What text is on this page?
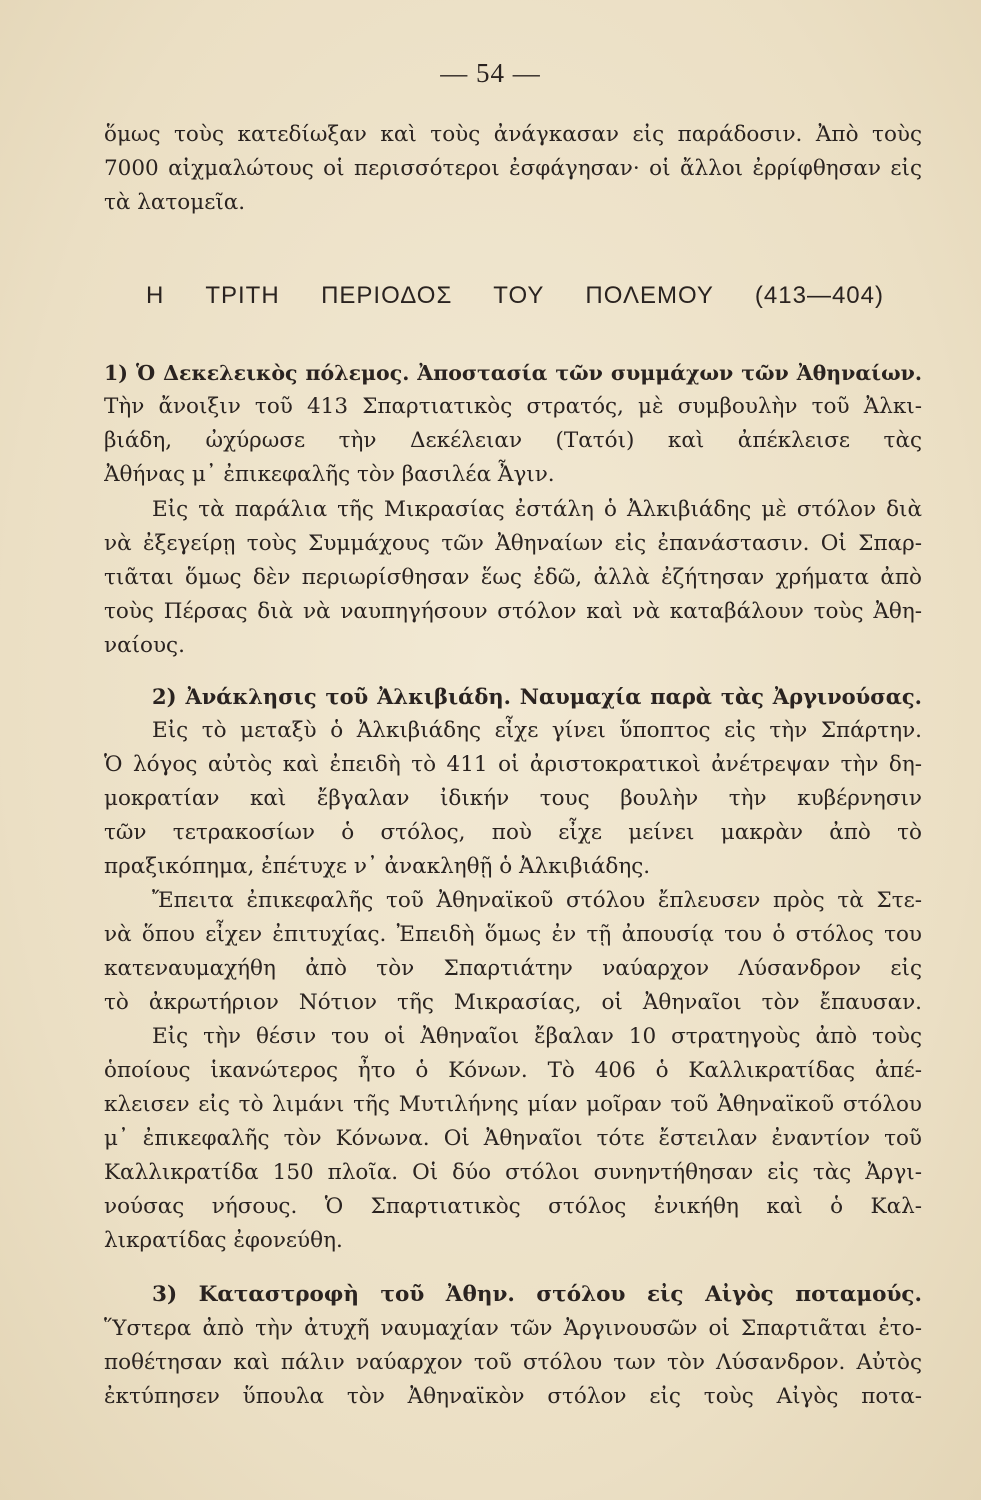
— 54 —
ὅμως τοὺς κατεδίωξαν καὶ τοὺς ἀνάγκασαν εἰς παράδοσιν. Ἀπὸ τοὺς
7000 αἰχμαλώτους οἱ περισσότεροι ἐσφάγησαν· οἱ ἄλλοι ἐρρίφθησαν εἰς
τὰ λατομεῖα.
Η ΤΡΙΤΗ ΠΕΡΙΟΔΟΣ ΤΟΥ ΠΟΛΕΜΟΥ (413—404)
1) Ὁ Δεκελεικὸς πόλεμος. Ἀποστασία τῶν συμμάχων τῶν Ἀθηναίων.
Τὴν ἄνοιξιν τοῦ 413 Σπαρτιατικὸς στρατός, μὲ συμβουλὴν τοῦ Ἀλκι-
βιάδη, ὠχύρωσε τὴν Δεκέλειαν (Τατόι) καὶ ἀπέκλεισε τὰς
Ἀθήνας μ᾽ ἐπικεφαλῆς τὸν βασιλέα Ἆγιν.
Εἰς τὰ παράλια τῆς Μικρασίας ἐστάλη ὁ Ἀλκιβιάδης μὲ στόλον διὰ
νὰ ἐξεγείρῃ τοὺς Συμμάχους τῶν Ἀθηναίων εἰς ἐπανάστασιν. Οἱ Σπαρ-
τιᾶται ὅμως δὲν περιωρίσθησαν ἕως ἐδῶ, ἀλλὰ ἐζήτησαν χρήματα ἀπὸ
τοὺς Πέρσας διὰ νὰ ναυπηγήσουν στόλον καὶ νὰ καταβάλουν τοὺς Ἀθη-
ναίους.
2) Ἀνάκλησις τοῦ Ἀλκιβιάδη. Ναυμαχία παρὰ τὰς Ἀργινούσας.
Εἰς τὸ μεταξὺ ὁ Ἀλκιβιάδης εἶχε γίνει ὕποπτος εἰς τὴν Σπάρτην.
Ὁ λόγος αὐτὸς καὶ ἐπειδὴ τὸ 411 οἱ ἀριστοκρατικοὶ ἀνέτρεψαν τὴν δη-
μοκρατίαν καὶ ἔβγαλαν ἰδικήν τους βουλὴν τὴν κυβέρνησιν
τῶν τετρακοσίων ὁ στόλος, ποὺ εἶχε μείνει μακρὰν ἀπὸ τὸ
πραξικόπημα, ἐπέτυχε ν᾽ ἀνακληθῇ ὁ Ἀλκιβιάδης.
Ἔπειτα ἐπικεφαλῆς τοῦ Ἀθηναϊκοῦ στόλου ἔπλευσεν πρὸς τὰ Στε-
νὰ ὅπου εἶχεν ἐπιτυχίας. Ἐπειδὴ ὅμως ἐν τῇ ἀπουσίᾳ του ὁ στόλος του
κατεναυμαχήθη ἀπὸ τὸν Σπαρτιάτην ναύαρχον Λύσανδρον εἰς
τὸ ἀκρωτήριον Νότιον τῆς Μικρασίας, οἱ Ἀθηναῖοι τὸν ἔπαυσαν.
Εἰς τὴν θέσιν του οἱ Ἀθηναῖοι ἔβαλαν 10 στρατηγοὺς ἀπὸ τοὺς
ὁποίους ἱκανώτερος ἦτο ὁ Κόνων. Τὸ 406 ὁ Καλλικρατίδας ἀπέ-
κλεισεν εἰς τὸ λιμάνι τῆς Μυτιλήνης μίαν μοῖραν τοῦ Ἀθηναϊκοῦ στόλου
μ᾽ ἐπικεφαλῆς τὸν Κόνωνα. Οἱ Ἀθηναῖοι τότε ἔστειλαν ἐναντίον τοῦ
Καλλικρατίδα 150 πλοῖα. Οἱ δύο στόλοι συνηντήθησαν εἰς τὰς Ἀργι-
νούσας νήσους. Ὁ Σπαρτιατικὸς στόλος ἐνικήθη καὶ ὁ Καλ-
λικρατίδας ἐφονεύθη.
3) Καταστροφὴ τοῦ Ἀθην. στόλου εἰς Αἰγὸς ποταμούς.
Ὕστερα ἀπὸ τὴν ἀτυχῆ ναυμαχίαν τῶν Ἀργινουσῶν οἱ Σπαρτιᾶται ἐτο-
ποθέτησαν καὶ πάλιν ναύαρχον τοῦ στόλου των τὸν Λύσανδρον. Αὐτὸς
ἐκτύπησεν ὕπουλα τὸν Ἀθηναϊκὸν στόλον εἰς τοὺς Αἰγὸς ποτα-
